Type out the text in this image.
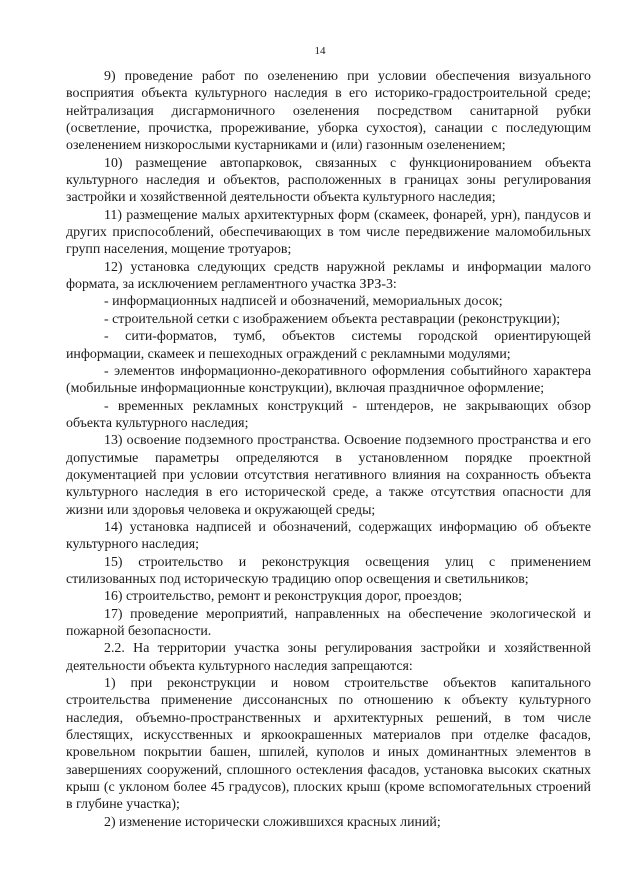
14

9) проведение работ по озеленению при условии обеспечения визуального восприятия объекта культурного наследия в его историко-градостроительной среде; нейтрализация дисгармоничного озеленения посредством санитарной рубки (осветление, прочистка, прореживание, уборка сухостоя), санации с последующим озеленением низкорослыми кустарниками и (или) газонным озеленением;

10) размещение автопарковок, связанных с функционированием объекта культурного наследия и объектов, расположенных в границах зоны регулирования застройки и хозяйственной деятельности объекта культурного наследия;

11) размещение малых архитектурных форм (скамеек, фонарей, урн), пандусов и других приспособлений, обеспечивающих в том числе передвижение маломобильных групп населения, мощение тротуаров;

12) установка следующих средств наружной рекламы и информации малого формата, за исключением регламентного участка ЗРЗ-3:

- информационных надписей и обозначений, мемориальных досок;

- строительной сетки с изображением объекта реставрации (реконструкции);

- сити-форматов, тумб, объектов системы городской ориентирующей информации, скамеек и пешеходных ограждений с рекламными модулями;

- элементов информационно-декоративного оформления событийного характера (мобильные информационные конструкции), включая праздничное оформление;

- временных рекламных конструкций - штендеров, не закрывающих обзор объекта культурного наследия;

13) освоение подземного пространства. Освоение подземного пространства и его допустимые параметры определяются в установленном порядке проектной документацией при условии отсутствия негативного влияния на сохранность объекта культурного наследия в его исторической среде, а также отсутствия опасности для жизни или здоровья человека и окружающей среды;

14) установка надписей и обозначений, содержащих информацию об объекте культурного наследия;

15) строительство и реконструкция освещения улиц с применением стилизованных под историческую традицию опор освещения и светильников;

16) строительство, ремонт и реконструкция дорог, проездов;

17) проведение мероприятий, направленных на обеспечение экологической и пожарной безопасности.

2.2. На территории участка зоны регулирования застройки и хозяйственной деятельности объекта культурного наследия запрещаются:

1) при реконструкции и новом строительстве объектов капитального строительства применение диссонансных по отношению к объекту культурного наследия, объемно-пространственных и архитектурных решений, в том числе блестящих, искусственных и яркоокрашенных материалов при отделке фасадов, кровельном покрытии башен, шпилей, куполов и иных доминантных элементов в завершениях сооружений, сплошного остекления фасадов, установка высоких скатных крыш (с уклоном более 45 градусов), плоских крыш (кроме вспомогательных строений в глубине участка);

2) изменение исторически сложившихся красных линий;
